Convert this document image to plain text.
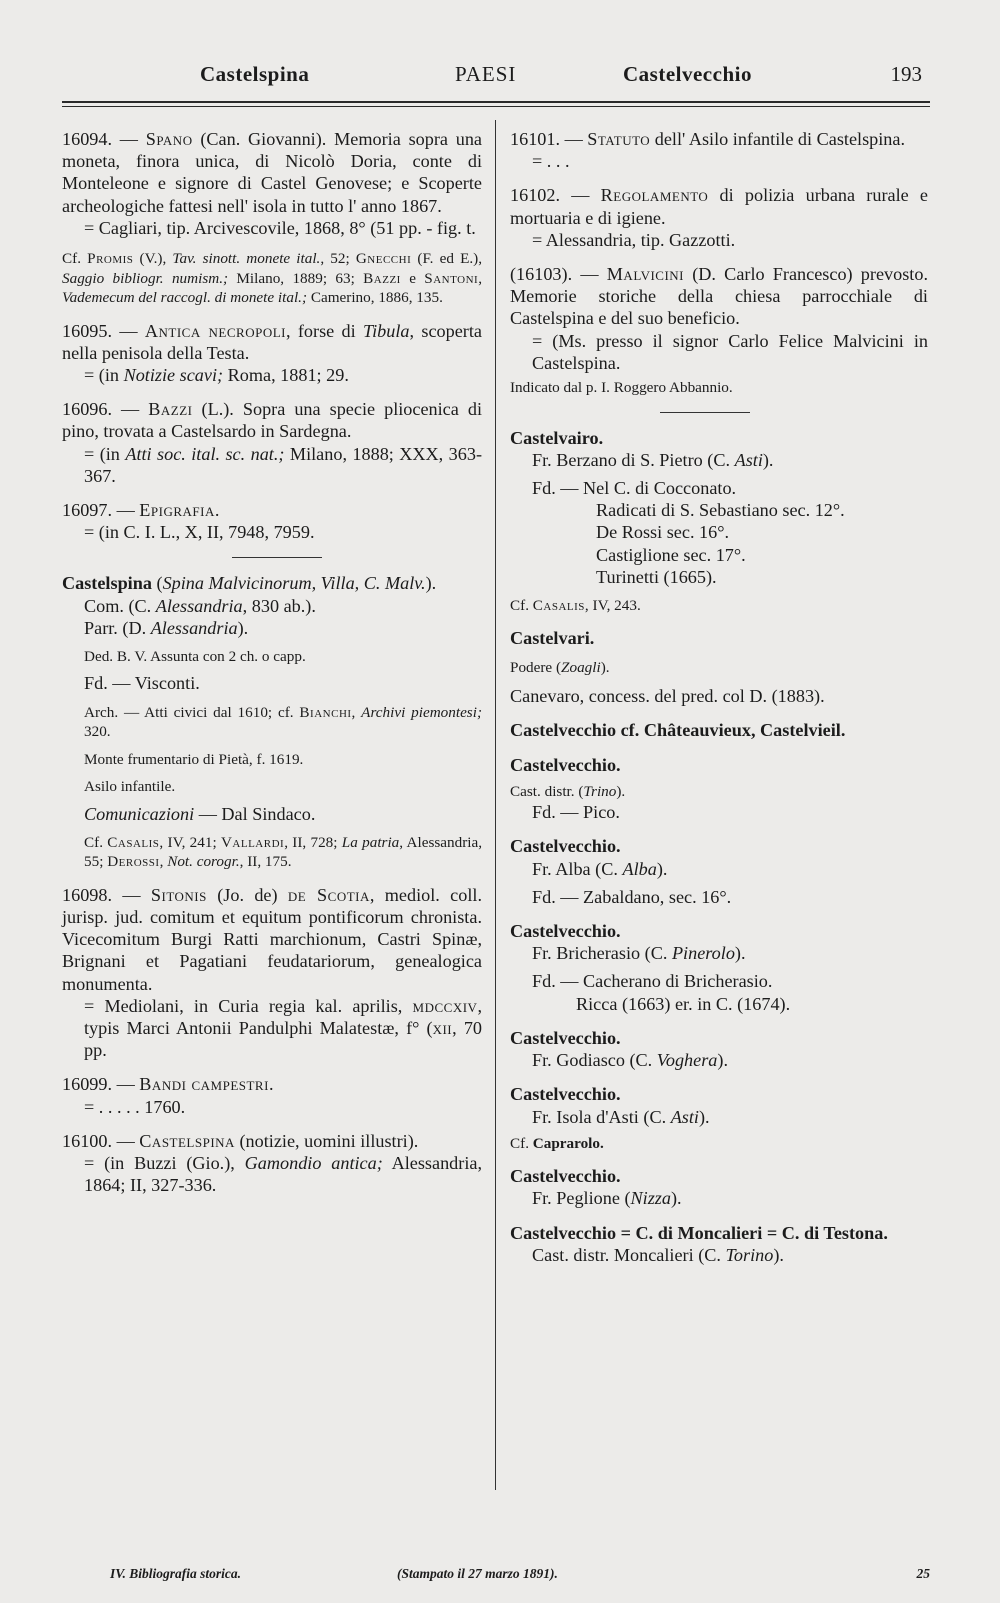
Castelspina	PAESI	Castelvecchio	193
16094. — Spano (Can. Giovanni). Memoria sopra una moneta, finora unica, di Nicolò Doria, conte di Monteleone e signore di Castel Genovese; e Scoperte archeologiche fattesi nell' isola in tutto l' anno 1867.
= Cagliari, tip. Arcivescovile, 1868, 8° (51 pp. - fig. t.
Cf. Promis (V.), Tav. sinott. monete ital., 52; Gnecchi (F. ed E.), Saggio bibliogr. numism.; Milano, 1889; 63; Bazzi e Santoni, Vademecum del raccogl. di monete ital.; Camerino, 1886, 135.
16095. — Antica necropoli, forse di Tibula, scoperta nella penisola della Testa.
= (in Notizie scavi; Roma, 1881; 29.
16096. — Bazzi (L.). Sopra una specie pliocenica di pino, trovata a Castelsardo in Sardegna.
= (in Atti soc. ital. sc. nat.; Milano, 1888; XXX, 363-367.
16097. — Epigrafia.
= (in C. I. L., X, II, 7948, 7959.
Castelspina (Spina Malvicinorum, Villa, C. Malv.).
Com. (C. Alessandria, 830 ab.).
Parr. (D. Alessandria).
Ded. B. V. Assunta con 2 ch. o capp.
Fd. — Visconti.
Arch. — Atti civici dal 1610; cf. Bianchi, Archivi piemontesi; 320.
Monte frumentario di Pietà, f. 1619.
Asilo infantile.
Comunicazioni — Dal Sindaco.
Cf. Casalis, IV, 241; Vallardi, II, 728; La patria, Alessandria, 55; Derossi, Not. corogr., II, 175.
16098. — Sitonis (Jo. de) de Scotia, mediol. coll. jurisp. jud. comitum et equitum pontificorum chronista. Vicecomitum Burgi Ratti marchionum, Castri Spinæ, Brignani et Pagatiani feudatariorum, genealogica monumenta.
= Mediolani, in Curia regia kal. aprilis, mdccxiv, typis Marci Antonii Pandulphi Malatestæ, f° (xii, 70 pp.
16099. — Bandi campestri.
= . . . . . 1760.
16100. — Castelspina (notizie, uomini illustri).
= (in Buzzi (Gio.), Gamondio antica; Alessandria, 1864; II, 327-336.
16101. — Statuto dell' Asilo infantile di Castelspina.
= . . .
16102. — Regolamento di polizia urbana rurale e mortuaria e di igiene.
= Alessandria, tip. Gazzotti.
(16103). — Malvicini (D. Carlo Francesco) prevosto. Memorie storiche della chiesa parrocchiale di Castelspina e del suo beneficio.
= (Ms. presso il signor Carlo Felice Malvicini in Castelspina.
Indicato dal p. I. Roggero Abbannio.
Castelvairo.
Fr. Berzano di S. Pietro (C. Asti).
Fd. — Nel C. di Cocconato.
Radicati di S. Sebastiano sec. 12°.
De Rossi sec. 16°.
Castiglione sec. 17°.
Turinetti (1665).
Cf. Casalis, IV, 243.
Castelvari.
Podere (Zoagli).
Canevaro, concess. del pred. col D. (1883).
Castelvecchio cf. Châteauvieux, Castelvieil.
Castelvecchio.
Cast. distr. (Trino).
Fd. — Pico.
Castelvecchio.
Fr. Alba (C. Alba).
Fd. — Zabaldano, sec. 16°.
Castelvecchio.
Fr. Bricherasio (C. Pinerolo).
Fd. — Cacherano di Bricherasio.
Ricca (1663) er. in C. (1674).
Castelvecchio.
Fr. Godiasco (C. Voghera).
Castelvecchio.
Fr. Isola d'Asti (C. Asti).
Cf. Caprarolo.
Castelvecchio.
Fr. Peglione (Nizza).
Castelvecchio = C. di Moncalieri = C. di Testona.
Cast. distr. Moncalieri (C. Torino).
IV. Bibliografia storica.	(Stampato il 27 marzo 1891).	25
